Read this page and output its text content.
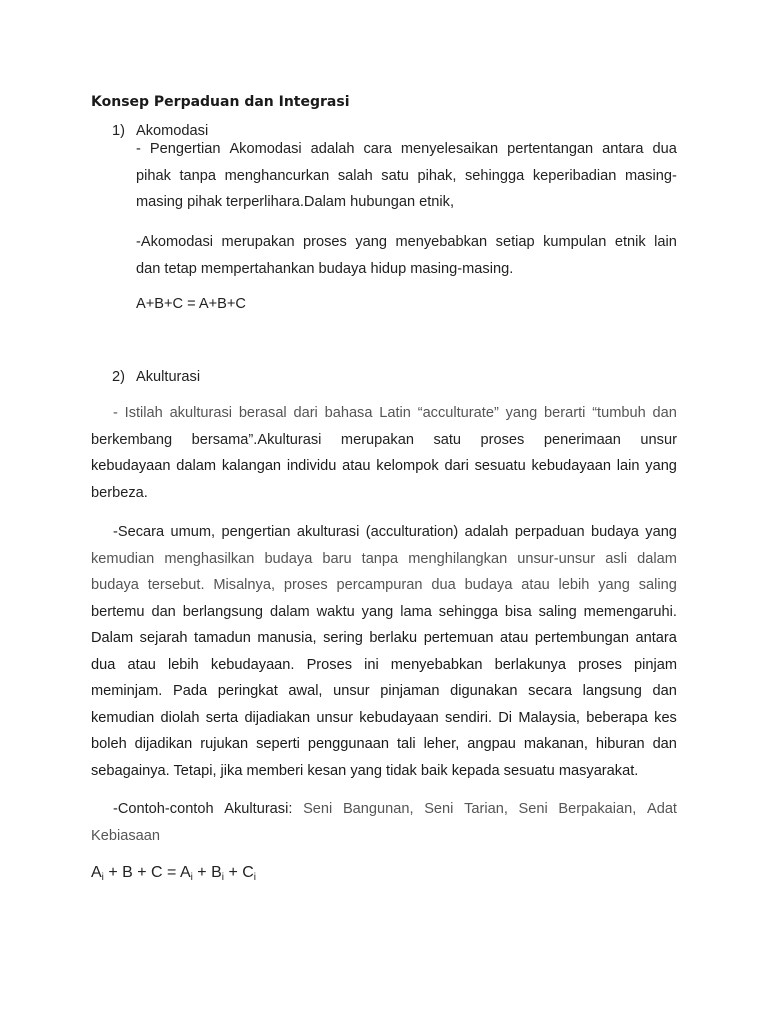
Konsep Perpaduan dan Integrasi
1) Akomodasi
- Pengertian Akomodasi adalah cara menyelesaikan pertentangan antara dua
pihak tanpa menghancurkan salah satu pihak, sehingga keperibadian masing-
masing pihak terperlihara.Dalam hubungan etnik,
-Akomodasi merupakan proses yang menyebabkan setiap kumpulan etnik lain
dan tetap mempertahankan budaya hidup masing-masing.
A+B+C = A+B+C
2) Akulturasi
- Istilah akulturasi berasal dari bahasa Latin “acculturate” yang berarti “tumbuh dan
berkembang bersama”.Akulturasi merupakan satu proses penerimaan unsur
kebudayaan dalam kalangan individu atau kelompok dari sesuatu kebudayaan lain yang
berbeza.
-Secara umum, pengertian akulturasi (acculturation) adalah perpaduan budaya yang
kemudian menghasilkan budaya baru tanpa menghilangkan unsur-unsur asli dalam
budaya tersebut. Misalnya, proses percampuran dua budaya atau lebih yang saling
bertemu dan berlangsung dalam waktu yang lama sehingga bisa saling memengaruhi.
Dalam sejarah tamadun manusia, sering berlaku pertemuan atau pertembungan antara
dua atau lebih kebudayaan. Proses ini menyebabkan berlakunya proses pinjam
meminjam. Pada peringkat awal, unsur pinjaman digunakan secara langsung dan
kemudian diolah serta dijadiakan unsur kebudayaan sendiri. Di Malaysia, beberapa kes
boleh dijadikan rujukan seperti penggunaan tali leher, angpau makanan, hiburan dan
sebagainya. Tetapi, jika memberi kesan yang tidak baik kepada sesuatu masyarakat.
-Contoh-contoh Akulturasi: Seni Bangunan, Seni Tarian, Seni Berpakaian, Adat
Kebiasaan
$A_i + B + C = A_i + B_i + C_i$
